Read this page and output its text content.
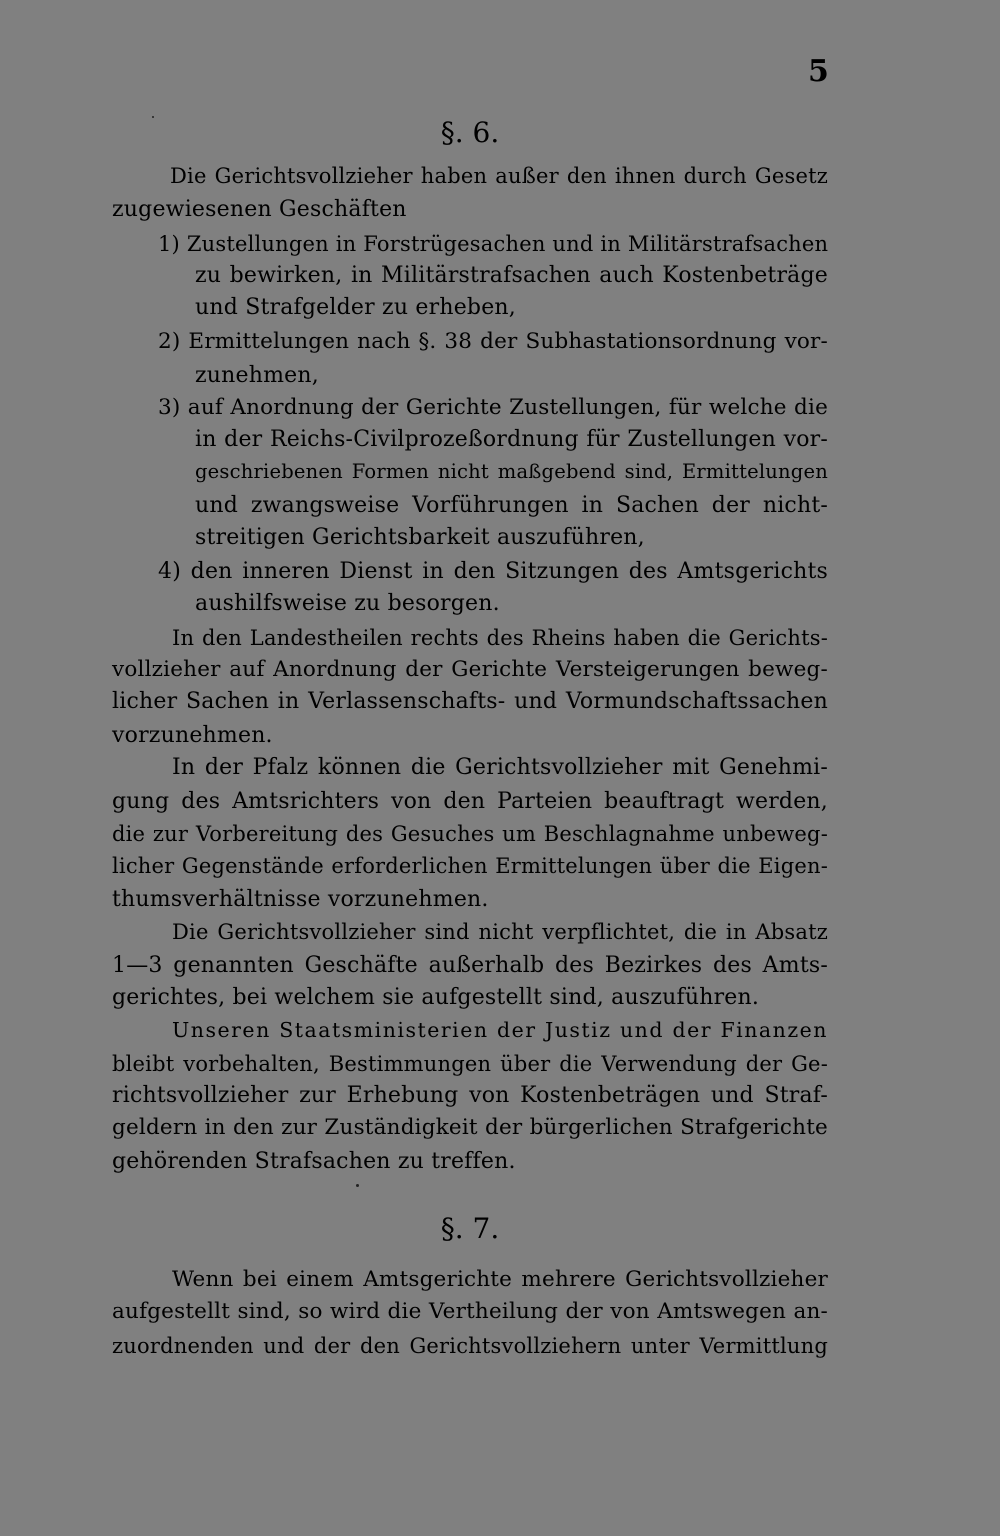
5
§. 6.
Die Gerichtsvollzieher haben außer den ihnen durch Gesetz
zugewiesenen Geschäften
1) Zustellungen in Forstrügesachen und in Militärstrafsachen
zu bewirken, in Militärstrafsachen auch Kostenbeträge
und Strafgelder zu erheben,
2) Ermittelungen nach §. 38 der Subhastationsordnung vor-
zunehmen,
3) auf Anordnung der Gerichte Zustellungen, für welche die
in der Reichs-Civilprozeßordnung für Zustellungen vor-
geschriebenen Formen nicht maßgebend sind, Ermittelungen
und zwangsweise Vorführungen in Sachen der nicht-
streitigen Gerichtsbarkeit auszuführen,
4) den inneren Dienst in den Sitzungen des Amtsgerichts
aushilfsweise zu besorgen.
In den Landestheilen rechts des Rheins haben die Gerichts-
vollzieher auf Anordnung der Gerichte Versteigerungen beweg-
licher Sachen in Verlassenschafts- und Vormundschaftssachen
vorzunehmen.
In der Pfalz können die Gerichtsvollzieher mit Genehmi-
gung des Amtsrichters von den Parteien beauftragt werden,
die zur Vorbereitung des Gesuches um Beschlagnahme unbeweg-
licher Gegenstände erforderlichen Ermittelungen über die Eigen-
thumsverhältnisse vorzunehmen.
Die Gerichtsvollzieher sind nicht verpflichtet, die in Absatz
1—3 genannten Geschäfte außerhalb des Bezirkes des Amts-
gerichtes, bei welchem sie aufgestellt sind, auszuführen.
Unseren Staatsministerien der Justiz und der Finanzen
bleibt vorbehalten, Bestimmungen über die Verwendung der Ge-
richtsvollzieher zur Erhebung von Kostenbeträgen und Straf-
geldern in den zur Zuständigkeit der bürgerlichen Strafgerichte
gehörenden Strafsachen zu treffen.
§. 7.
Wenn bei einem Amtsgerichte mehrere Gerichtsvollzieher
aufgestellt sind, so wird die Vertheilung der von Amtswegen an-
zuordnenden und der den Gerichtsvollziehern unter Vermittlung
